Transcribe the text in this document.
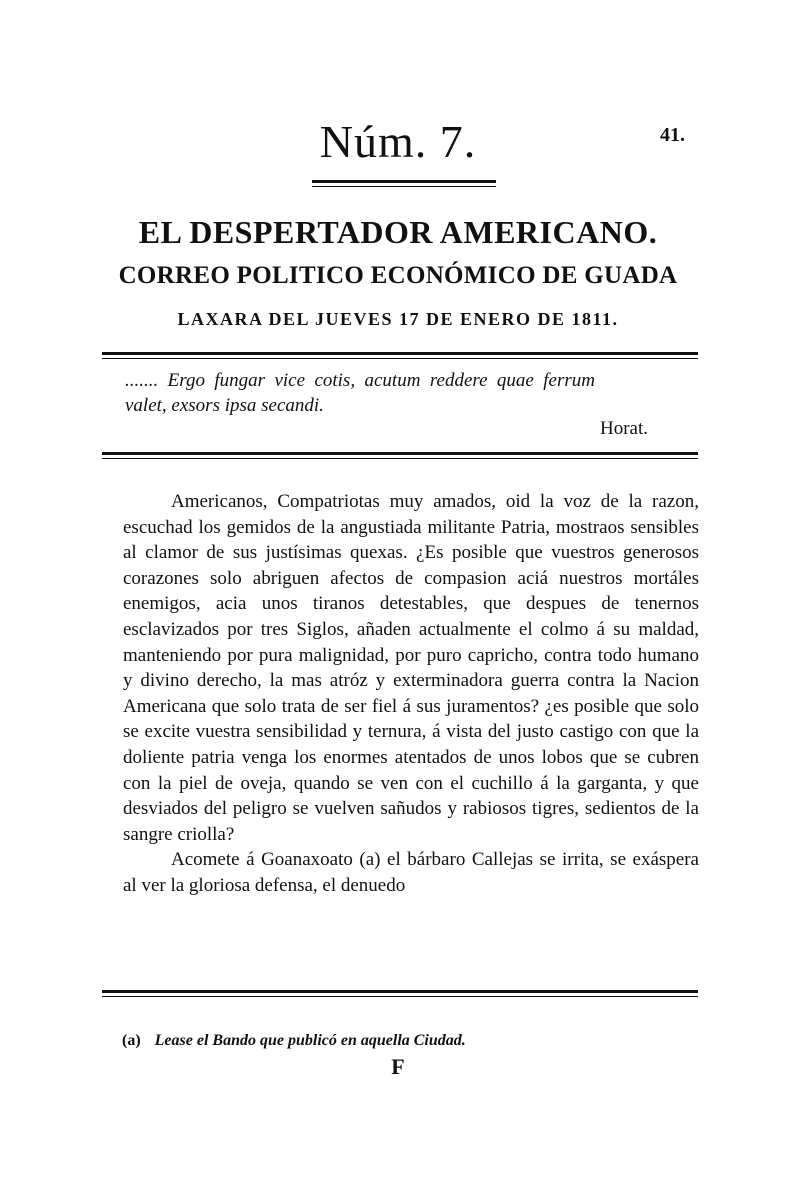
Núm. 7.	41.
EL DESPERTADOR AMERICANO.
CORREO POLITICO ECONÓMICO DE GUADA
LAXARA DEL JUEVES 17 DE ENERO DE 1811.
....... Ergo fungar vice cotis, acutum reddere quae ferrum valet, exsors ipsa secandi.
Horat.

Americanos, Compatriotas muy amados, oid la voz de la razon, escuchad los gemidos de la angustiada militante Patria, mostraos sensibles al clamor de sus justísimas quexas. ¿Es posible que vuestros generosos corazones solo abriguen afectos de compasion aciá nuestros mortáles enemigos, acia unos tiranos detestables, que despues de tenernos esclavizados por tres Siglos, añaden actualmente el colmo á su maldad, manteniendo por pura malignidad, por puro capricho, contra todo humano y divino derecho, la mas atróz y exterminadora guerra contra la Nacion Americana que solo trata de ser fiel á sus juramentos? ¿es posible que solo se excite vuestra sensibilidad y ternura, á vista del justo castigo con que la doliente patria venga los enormes atentados de unos lobos que se cubren con la piel de oveja, quando se ven con el cuchillo á la garganta, y que desviados del peligro se vuelven sañudos y rabiosos tigres, sedientos de la sangre criolla?

Acomete á Goanaxoato (a) el bárbaro Callejas se irrita, se exáspera al ver la gloriosa defensa, el denuedo

(a) Lease el Bando que publicó en aquella Ciudad.
F
